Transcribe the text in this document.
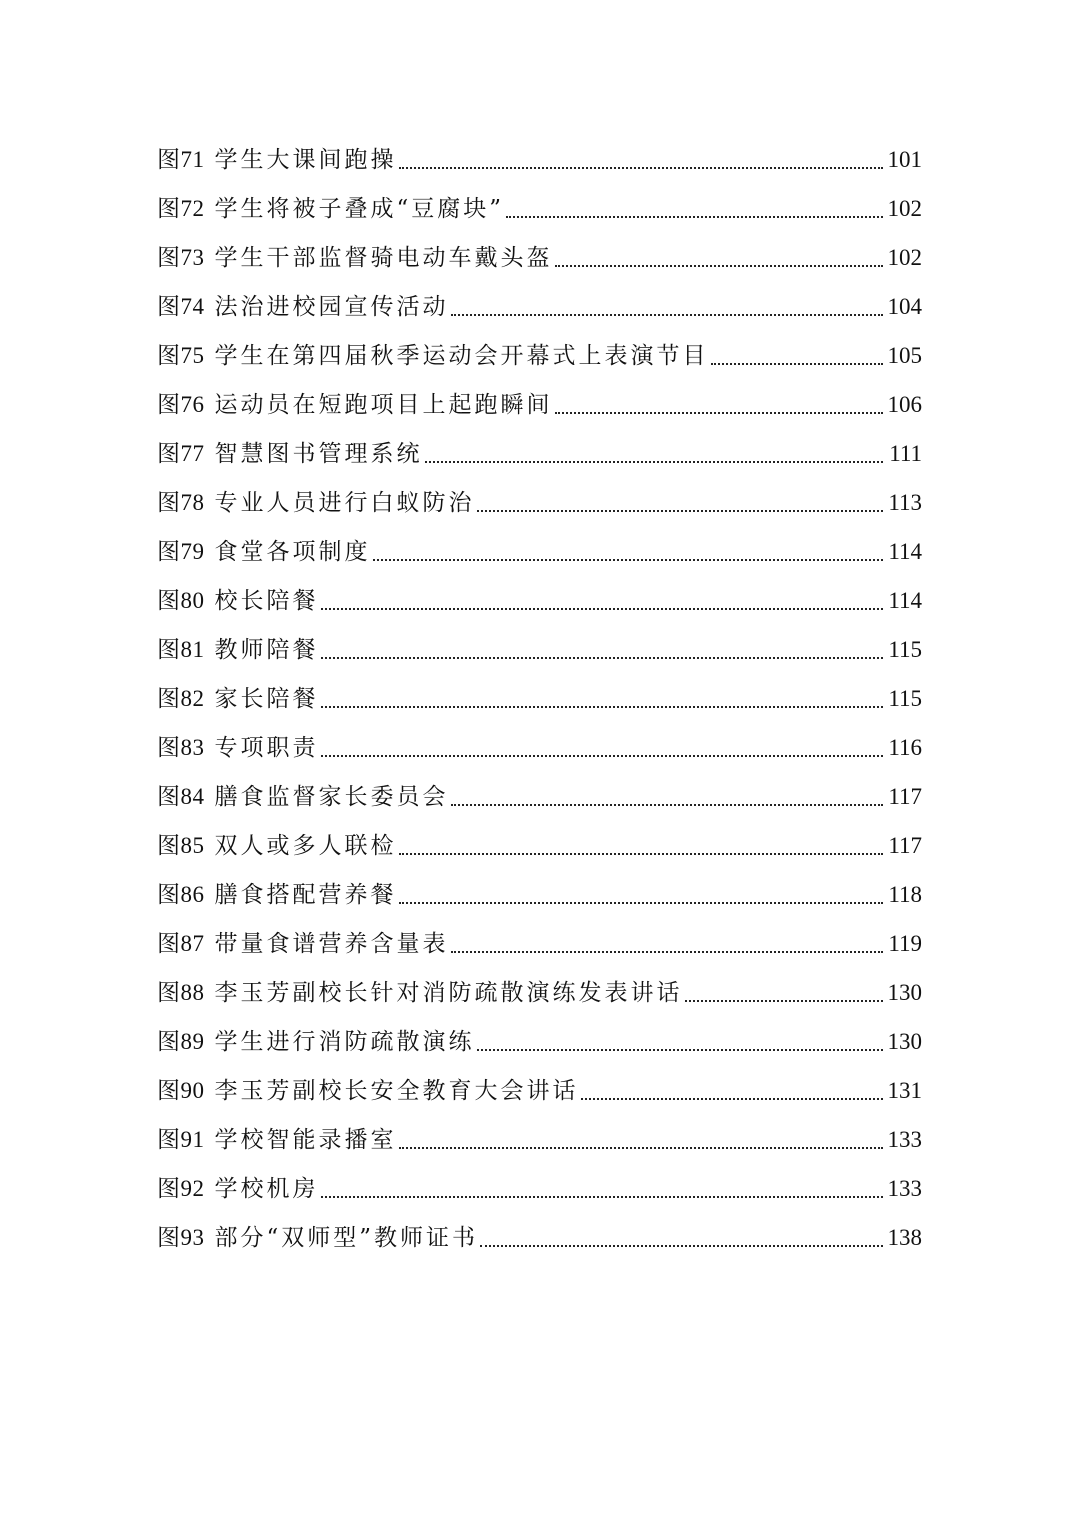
图71 学生大课间跑操	101
图72 学生将被子叠成“豆腐块”	102
图73 学生干部监督骑电动车戴头盔	102
图74 法治进校园宣传活动	104
图75 学生在第四届秋季运动会开幕式上表演节目	105
图76 运动员在短跑项目上起跑瞬间	106
图77 智慧图书管理系统	111
图78 专业人员进行白蚁防治	113
图79 食堂各项制度	114
图80 校长陪餐	114
图81 教师陪餐	115
图82 家长陪餐	115
图83 专项职责	116
图84 膳食监督家长委员会	117
图85 双人或多人联检	117
图86 膳食搭配营养餐	118
图87 带量食谱营养含量表	119
图88 李玉芳副校长针对消防疏散演练发表讲话	130
图89 学生进行消防疏散演练	130
图90 李玉芳副校长安全教育大会讲话	131
图91 学校智能录播室	133
图92 学校机房	133
图93 部分“双师型”教师证书	138
